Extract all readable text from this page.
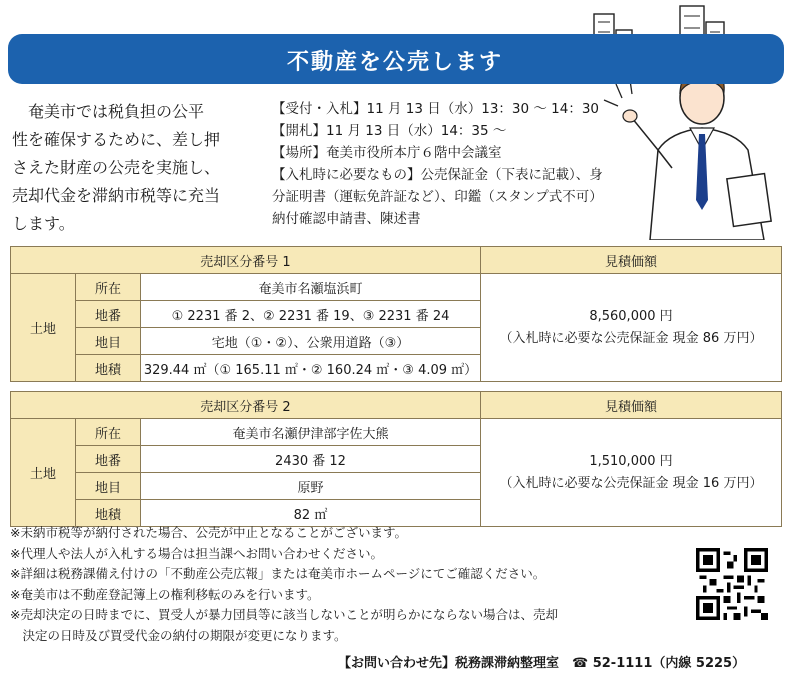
不動産を公売します
奄美市では税負担の公平
性を確保するために、差し押
さえた財産の公売を実施し、
売却代金を滞納市税等に充当
します。
【受付・入札】11 月 13 日（水）13：30 ～ 14：30
【開札】11 月 13 日（水）14：35 ～
【場所】奄美市役所本庁６階中会議室
【入札時に必要なもの】公売保証金（下表に記載）、身
分証明書（運転免許証など）、印鑑（スタンプ式不可）
納付確認申請書、陳述書
売却区分番号 1			見積価額
土地	所在	奄美市名瀬塩浜町	8,560,000 円
（入札時に必要な公売保証金 現金 86 万円）

	地番	① 2231 番 2、② 2231 番 19、③ 2231 番 24	
	地目	宅地（①・②）、公衆用道路（③）	
	地積	329.44 ㎡（① 165.11 ㎡・② 160.24 ㎡・③ 4.09 ㎡）	
売却区分番号 2			見積価額
土地	所在	奄美市名瀬伊津部字佐大熊	1,510,000 円
（入札時に必要な公売保証金 現金 16 万円）

	地番	2430 番 12	
	地目	原野	
	地積	82 ㎡	
※未納市税等が納付された場合、公売が中止となることがございます。
※代理人や法人が入札する場合は担当課へお問い合わせください。
※詳細は税務課備え付けの「不動産公売広報」または奄美市ホームページにてご確認ください。
※奄美市は不動産登記簿上の権利移転のみを行います。
※売却決定の日時までに、買受人が暴力団員等に該当しないことが明らかにならない場合は、売却
　決定の日時及び買受代金の納付の期限が変更になります。
【お問い合わせ先】税務課滞納整理室　☎ 52-1111（内線 5225）
